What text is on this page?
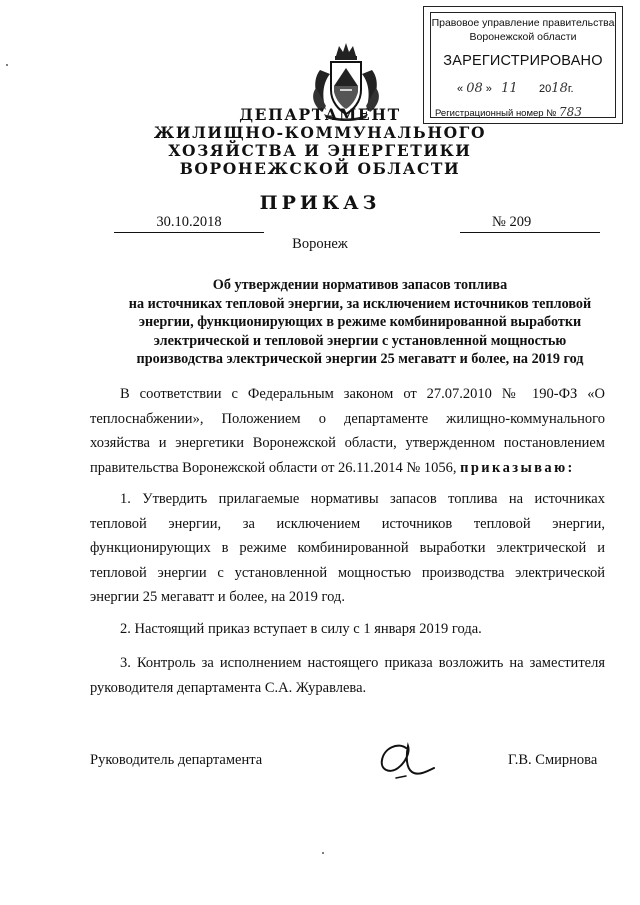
Правовое управление правительства
Воронежской области
ЗАРЕГИСТРИРОВАНО
« 08 » 11 2018г.
Регистрационный номер № 783
ДЕПАРТАМЕНТ
ЖИЛИЩНО-КОММУНАЛЬНОГО
ХОЗЯЙСТВА И ЭНЕРГЕТИКИ
ВОРОНЕЖСКОЙ ОБЛАСТИ
ПРИКАЗ
30.10.2018	№ 209
Воронеж
Об утверждении нормативов запасов топлива
на источниках тепловой энергии, за исключением источников тепловой
энергии, функционирующих в режиме комбинированной выработки
электрической и тепловой энергии с установленной мощностью
производства электрической энергии 25 мегаватт и более, на 2019 год
В соответствии с Федеральным законом от 27.07.2010 № 190-ФЗ «О теплоснабжении», Положением о департаменте жилищно-коммунального хозяйства и энергетики Воронежской области, утвержденном постановлением правительства Воронежской области от 26.11.2014 № 1056, приказываю:
1. Утвердить прилагаемые нормативы запасов топлива на источниках тепловой энергии, за исключением источников тепловой энергии, функционирующих в режиме комбинированной выработки электрической и тепловой энергии с установленной мощностью производства электрической энергии 25 мегаватт и более, на 2019 год.
2. Настоящий приказ вступает в силу с 1 января 2019 года.
3. Контроль за исполнением настоящего приказа возложить на заместителя руководителя департамента С.А. Журавлева.
Руководитель департамента	Г.В. Смирнова
